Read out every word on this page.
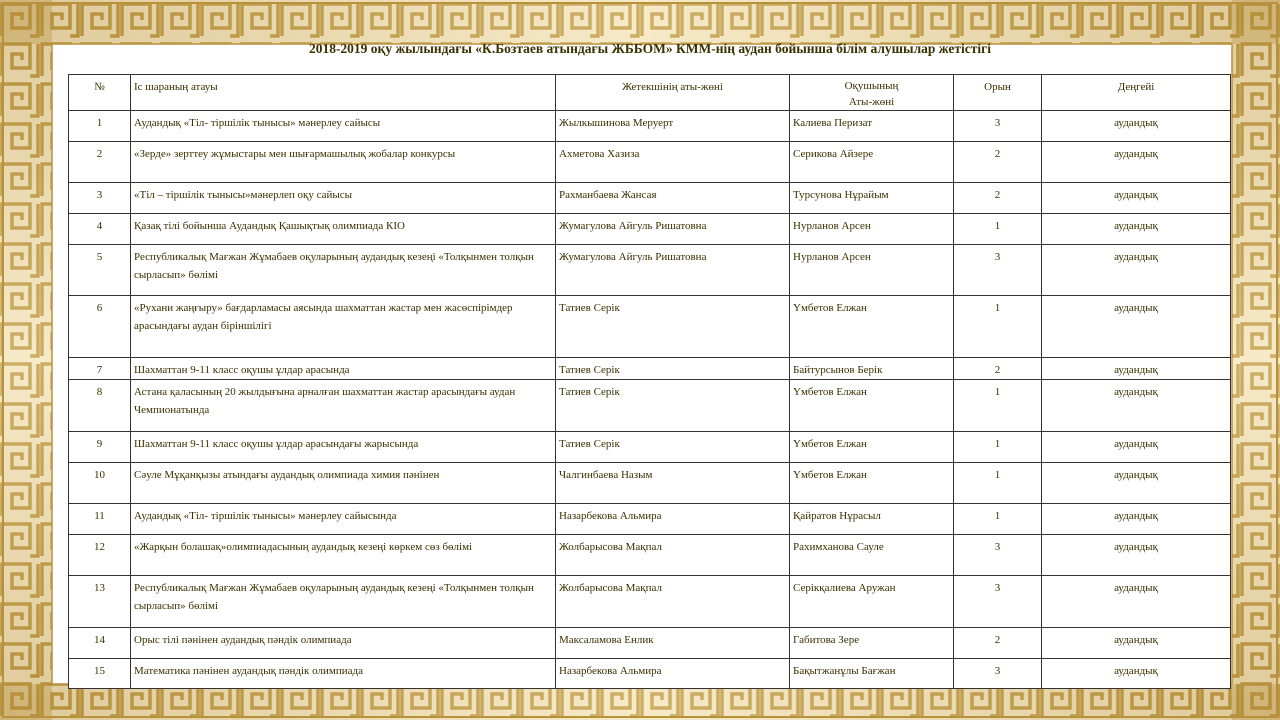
2018-2019 оқу жылындағы «К.Бозтаев атындағы ЖББОМ» КММ-нің аудан бойынша білім алушылар жетістігі
№	Іс шараның атауы	Жетекшінің аты-жөні	Оқушының
Аты-жөні	Орын	Деңгейі
1	Аудандық «Тіл- тіршілік тынысы» мәнерлеу сайысы	Жылкышинова Меруерт	Калиева Перизат	3	аудандық
2	«Зерде» зерттеу жұмыстары мен шығармашылық жобалар конкурсы	Ахметова Хазиза	Серикова Айзере	2	аудандық
3	«Тіл – тіршілік тынысы»мәнерлеп оқу сайысы	Рахманбаева Жансая	Турсунова Нұрайым	2	аудандық
4	Қазақ тілі бойынша Аудандық Қашықтық олимпиада КІО	Жумагулова Айгуль Ришатовна	Нурланов Арсен	1	аудандық
5	Республикалық Мағжан Жұмабаев оқуларының аудандық кезеңі «Толқынмен толқын сырласып» бөлімі	Жумагулова Айгуль Ришатовна	Нурланов Арсен	3	аудандық
6	«Рухани жаңғыру» бағдарламасы аясында шахматтан жастар мен жасөспірімдер арасындағы аудан біріншілігі	Татиев Серік	Үмбетов Елжан	1	аудандық
7	Шахматтан 9-11 класс оқушы ұлдар арасында	Татиев Серік	Байтурсынов Берік	2	аудандық
8	Астана қаласының 20 жылдығына арналған шахматтан жастар арасындағы аудан Чемпионатында	Татиев Серік	Үмбетов Елжан	1	аудандық
9	Шахматтан 9-11 класс оқушы ұлдар арасындағы жарысында	Татиев Серік	Үмбетов Елжан	1	аудандық
10	Сәуле Мұқанқызы атындағы аудандық олимпиада химия пәнінен	Чалгинбаева Назым	Үмбетов Елжан	1	аудандық
11	Аудандық «Тіл- тіршілік тынысы» мәнерлеу сайысында	Назарбекова Альмира	Қайратов Нұрасыл	1	аудандық
12	«Жарқын болашақ»олимпиадасының аудандық кезеңі көркем сөз бөлімі	Жолбарысова Мақпал	Рахимханова Сауле	3	аудандық
13	Республикалық Мағжан Жұмабаев оқуларының аудандық кезеңі «Толқынмен толқын сырласып» бөлімі	Жолбарысова Мақпал	Серікқалиева Аружан	3	аудандық
14	Орыс тілі пәнінен аудандық пәндік олимпиада	Максаламова Енлик	Габитова Зере	2	аудандық
15	Математика пәнінен аудандық пәндік олимпиада	Назарбекова Альмира	Бақытжанұлы Бағжан	3	аудандық
